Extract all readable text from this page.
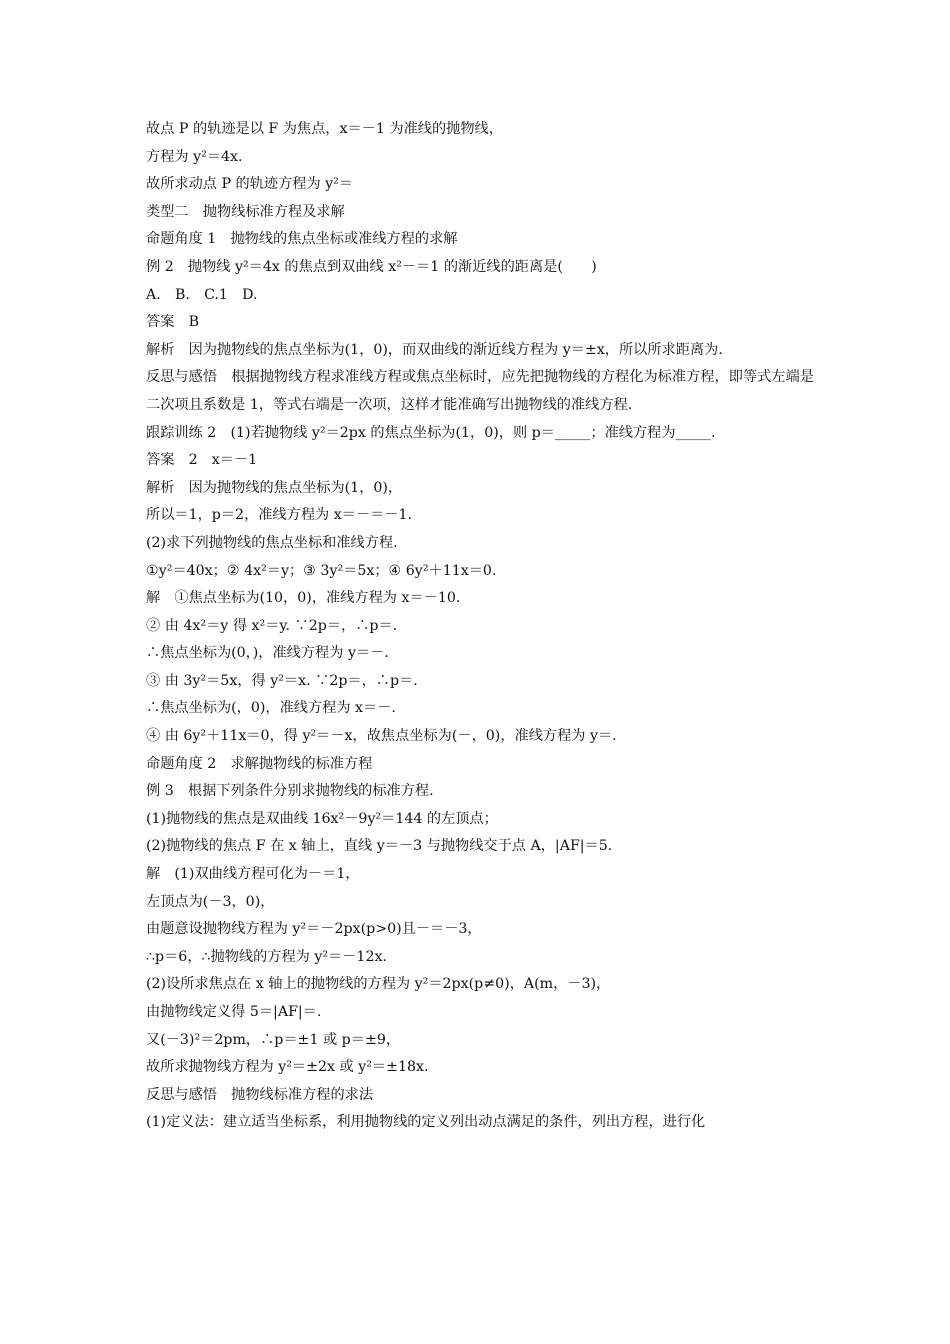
故点 P 的轨迹是以 F 为焦点，x＝－1 为准线的抛物线，
方程为 y²＝4x.
故所求动点 P 的轨迹方程为 y²＝
类型二　抛物线标准方程及求解
命题角度 1　抛物线的焦点坐标或准线方程的求解
例 2　抛物线 y²＝4x 的焦点到双曲线 x²－＝1 的渐近线的距离是(　　)
A.　B.　C.1　D.
答案　B
解析　因为抛物线的焦点坐标为(1，0)，而双曲线的渐近线方程为 y＝±x，所以所求距离为.
反思与感悟　根据抛物线方程求准线方程或焦点坐标时，应先把抛物线的方程化为标准方程，即等式左端是二次项且系数是 1，等式右端是一次项，这样才能准确写出抛物线的准线方程.
跟踪训练 2　(1)若抛物线 y²＝2px 的焦点坐标为(1，0)，则 p＝_____；准线方程为_____.
答案　2　x＝－1
解析　因为抛物线的焦点坐标为(1，0)，
所以＝1，p＝2，准线方程为 x＝－＝－1.
(2)求下列抛物线的焦点坐标和准线方程.
①y²＝40x；② 4x²＝y；③ 3y²＝5x；④ 6y²＋11x＝0.
解　①焦点坐标为(10，0)，准线方程为 x＝－10.
② 由 4x²＝y 得 x²＝y. ∵2p＝，∴p＝.
∴焦点坐标为(0，)，准线方程为 y＝－.
③ 由 3y²＝5x，得 y²＝x. ∵2p＝，∴p＝.
∴焦点坐标为(，0)，准线方程为 x＝－.
④ 由 6y²＋11x＝0，得 y²＝－x，故焦点坐标为(－，0)，准线方程为 y＝.
命题角度 2　求解抛物线的标准方程
例 3　根据下列条件分别求抛物线的标准方程.
(1)抛物线的焦点是双曲线 16x²－9y²＝144 的左顶点；
(2)抛物线的焦点 F 在 x 轴上，直线 y＝－3 与抛物线交于点 A，|AF|＝5.
解　(1)双曲线方程可化为－＝1，
左顶点为(－3，0)，
由题意设抛物线方程为 y²＝－2px(p>0)且－＝－3，
∴p＝6，∴抛物线的方程为 y²＝－12x.
(2)设所求焦点在 x 轴上的抛物线的方程为 y²＝2px(p≠0)，A(m，－3)，
由抛物线定义得 5＝|AF|＝.
又(－3)²＝2pm，∴p＝±1 或 p＝±9，
故所求抛物线方程为 y²＝±2x 或 y²＝±18x.
反思与感悟　抛物线标准方程的求法
(1)定义法：建立适当坐标系，利用抛物线的定义列出动点满足的条件，列出方程，进行化
